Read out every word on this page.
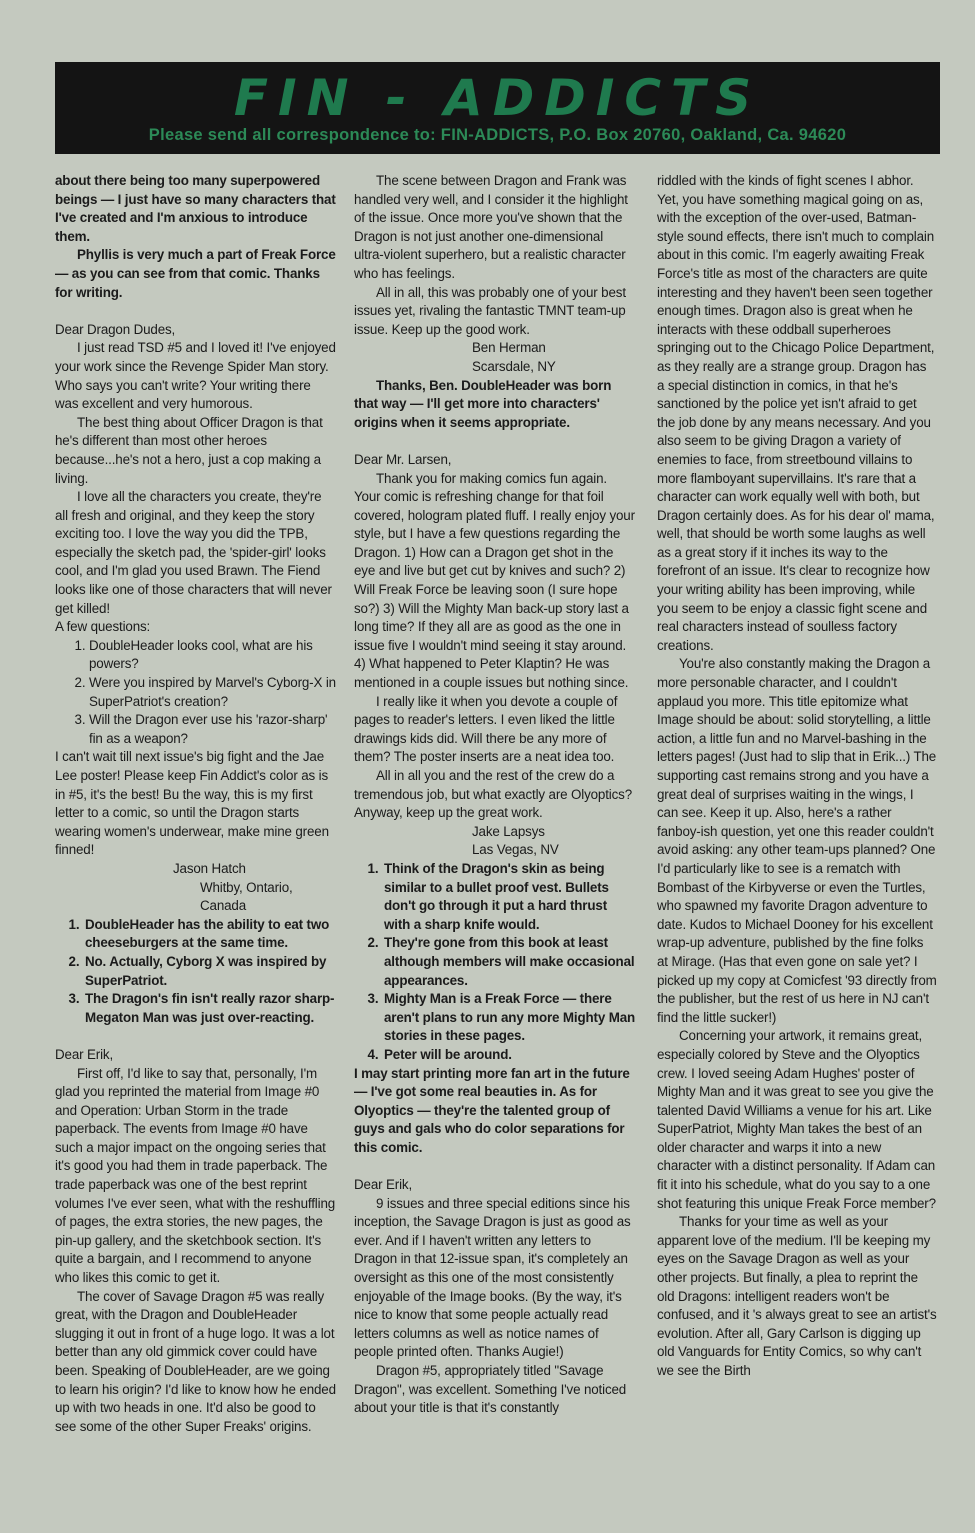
FIN - ADDICTS
Please send all correspondence to: FIN-ADDICTS, P.O. Box 20760, Oakland, Ca. 94620

about there being too many superpowered beings — I just have so many characters that I've created and I'm anxious to introduce them.

Phyllis is very much a part of Freak Force — as you can see from that comic. Thanks for writing.

Dear Dragon Dudes,

I just read TSD #5 and I loved it! I've enjoyed your work since the Revenge Spider Man story. Who says you can't write? Your writing there was excellent and very humorous.

The best thing about Officer Dragon is that he's different than most other heroes because...he's not a hero, just a cop making a living.

I love all the characters you create, they're all fresh and original, and they keep the story exciting too. I love the way you did the TPB, especially the sketch pad, the 'spider-girl' looks cool, and I'm glad you used Brawn. The Fiend looks like one of those characters that will never get killed!

A few questions:

1. DoubleHeader looks cool, what are his powers?
2. Were you inspired by Marvel's Cyborg-X in SuperPatriot's creation?
3. Will the Dragon ever use his 'razor-sharp' fin as a weapon?

I can't wait till next issue's big fight and the Jae Lee poster! Please keep Fin Addict's color as is in #5, it's the best! Bu the way, this is my first letter to a comic, so until the Dragon starts wearing women's underwear, make mine green finned!

Jason Hatch

Whitby, Ontario, Canada

1. DoubleHeader has the ability to eat two cheeseburgers at the same time.
2. No. Actually, Cyborg X was inspired by SuperPatriot.
3. The Dragon's fin isn't really razor sharp- Megaton Man was just over-reacting.

Dear Erik,

First off, I'd like to say that, personally, I'm glad you reprinted the material from Image #0 and Operation: Urban Storm in the trade paperback. The events from Image #0 have such a major impact on the ongoing series that it's good you had them in trade paperback. The trade paperback was one of the best reprint volumes I've ever seen, what with the reshuffling of pages, the extra stories, the new pages, the pin-up gallery, and the sketchbook section. It's quite a bargain, and I recommend to anyone who likes this comic to get it.

The cover of Savage Dragon #5 was really great, with the Dragon and DoubleHeader slugging it out in front of a huge logo. It was a lot better than any old gimmick cover could have been. Speaking of DoubleHeader, are we going to learn his origin? I'd like to know how he ended up with two heads in one. It'd also be good to see some of the other Super Freaks' origins.

The scene between Dragon and Frank was handled very well, and I consider it the highlight of the issue. Once more you've shown that the Dragon is not just another one-dimensional ultra-violent superhero, but a realistic character who has feelings.

All in all, this was probably one of your best issues yet, rivaling the fantastic TMNT team-up issue. Keep up the good work.

Ben Herman

Scarsdale, NY

Thanks, Ben. DoubleHeader was born that way — I'll get more into characters' origins when it seems appropriate.

Dear Mr. Larsen,

Thank you for making comics fun again. Your comic is refreshing change for that foil covered, hologram plated fluff. I really enjoy your style, but I have a few questions regarding the Dragon. 1) How can a Dragon get shot in the eye and live but get cut by knives and such? 2) Will Freak Force be leaving soon (I sure hope so?) 3) Will the Mighty Man back-up story last a long time? If they all are as good as the one in issue five I wouldn't mind seeing it stay around. 4) What happened to Peter Klaptin? He was mentioned in a couple issues but nothing since.

I really like it when you devote a couple of pages to reader's letters. I even liked the little drawings kids did. Will there be any more of them? The poster inserts are a neat idea too.

All in all you and the rest of the crew do a tremendous job, but what exactly are Olyoptics? Anyway, keep up the great work.

Jake Lapsys

Las Vegas, NV

1. Think of the Dragon's skin as being similar to a bullet proof vest. Bullets don't go through it put a hard thrust with a sharp knife would.
2. They're gone from this book at least although members will make occasional appearances.
3. Mighty Man is a Freak Force — there aren't plans to run any more Mighty Man stories in these pages.
4. Peter will be around.

I may start printing more fan art in the future — I've got some real beauties in. As for Olyoptics — they're the talented group of guys and gals who do color separations for this comic.

Dear Erik,

9 issues and three special editions since his inception, the Savage Dragon is just as good as ever. And if I haven't written any letters to Dragon in that 12-issue span, it's completely an oversight as this one of the most consistently enjoyable of the Image books. (By the way, it's nice to know that some people actually read letters columns as well as notice names of people printed often. Thanks Augie!)

Dragon #5, appropriately titled "Savage Dragon", was excellent. Something I've noticed about your title is that it's constantly

riddled with the kinds of fight scenes I abhor. Yet, you have something magical going on as, with the exception of the over-used, Batman-style sound effects, there isn't much to complain about in this comic. I'm eagerly awaiting Freak Force's title as most of the characters are quite interesting and they haven't been seen together enough times. Dragon also is great when he interacts with these oddball superheroes springing out to the Chicago Police Department, as they really are a strange group. Dragon has a special distinction in comics, in that he's sanctioned by the police yet isn't afraid to get the job done by any means necessary. And you also seem to be giving Dragon a variety of enemies to face, from streetbound villains to more flamboyant supervillains. It's rare that a character can work equally well with both, but Dragon certainly does. As for his dear ol' mama, well, that should be worth some laughs as well as a great story if it inches its way to the forefront of an issue. It's clear to recognize how your writing ability has been improving, while you seem to be enjoy a classic fight scene and real characters instead of soulless factory creations.

You're also constantly making the Dragon a more personable character, and I couldn't applaud you more. This title epitomize what Image should be about: solid storytelling, a little action, a little fun and no Marvel-bashing in the letters pages! (Just had to slip that in Erik...) The supporting cast remains strong and you have a great deal of surprises waiting in the wings, I can see. Keep it up. Also, here's a rather fanboy-ish question, yet one this reader couldn't avoid asking: any other team-ups planned? One I'd particularly like to see is a rematch with Bombast of the Kirbyverse or even the Turtles, who spawned my favorite Dragon adventure to date. Kudos to Michael Dooney for his excellent wrap-up adventure, published by the fine folks at Mirage. (Has that even gone on sale yet? I picked up my copy at Comicfest '93 directly from the publisher, but the rest of us here in NJ can't find the little sucker!)

Concerning your artwork, it remains great, especially colored by Steve and the Olyoptics crew. I loved seeing Adam Hughes' poster of Mighty Man and it was great to see you give the talented David Williams a venue for his art. Like SuperPatriot, Mighty Man takes the best of an older character and warps it into a new character with a distinct personality. If Adam can fit it into his schedule, what do you say to a one shot featuring this unique Freak Force member?

Thanks for your time as well as your apparent love of the medium. I'll be keeping my eyes on the Savage Dragon as well as your other projects. But finally, a plea to reprint the old Dragons: intelligent readers won't be confused, and it 's always great to see an artist's evolution. After all, Gary Carlson is digging up old Vanguards for Entity Comics, so why can't we see the Birth
